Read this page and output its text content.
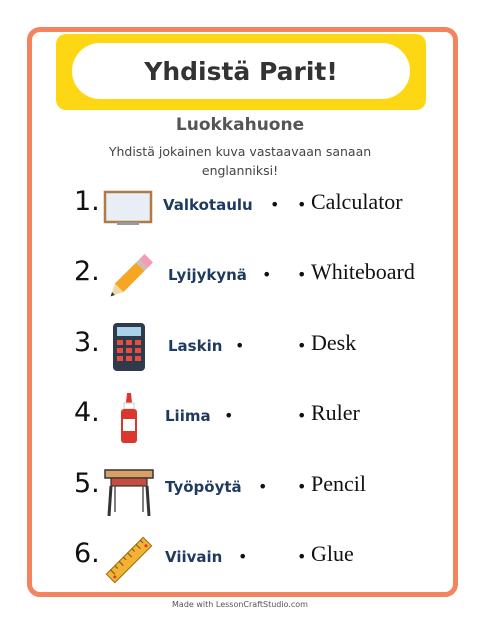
Yhdistä Parit!
Luokkahuone
Yhdistä jokainen kuva vastaavaan sanaan englanniksi!
1.	Valkotaulu • • Calculator
2.	Lyijykynä • • Whiteboard
3.	Laskin •	• Desk
4.	Liima •	• Ruler
5.	Työpöytä • • Pencil
6.	Viivain •	• Glue
Made with LessonCraftStudio.com
